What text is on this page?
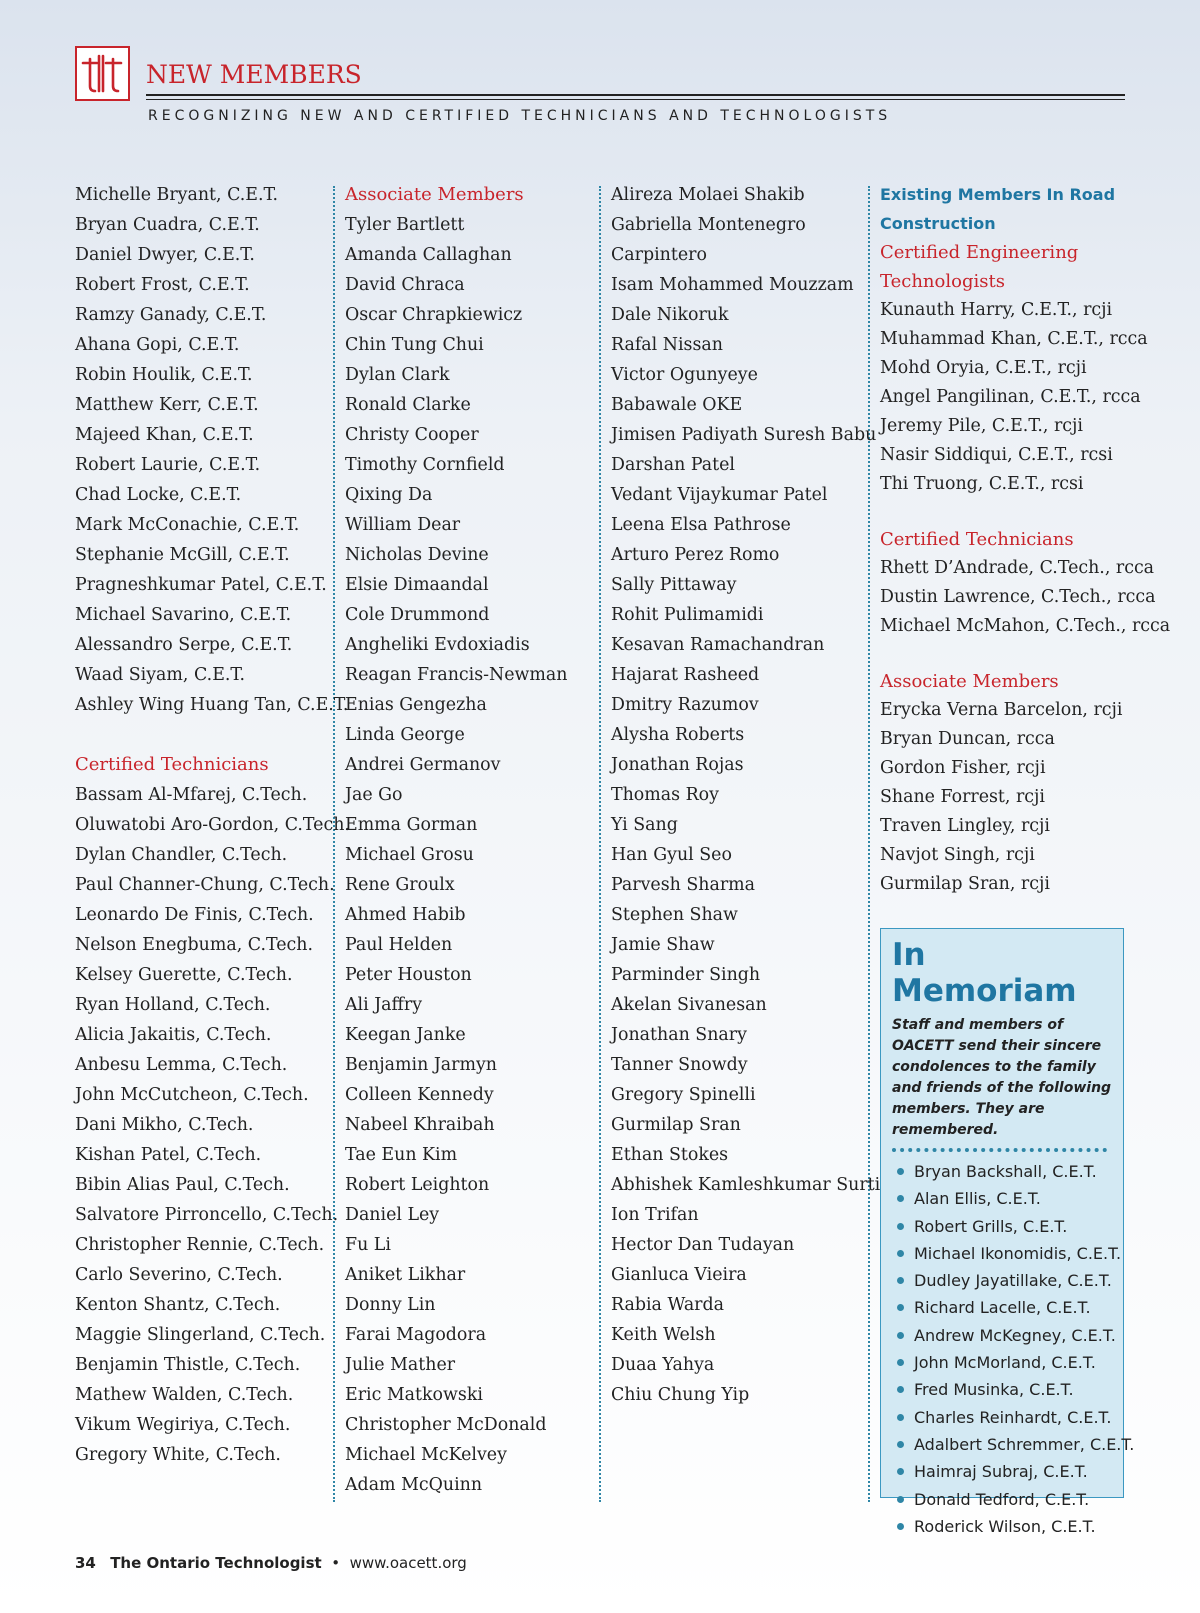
NEW MEMBERS
RECOGNIZING NEW AND CERTIFIED TECHNICIANS AND TECHNOLOGISTS
Michelle Bryant, C.E.T.
Bryan Cuadra, C.E.T.
Daniel Dwyer, C.E.T.
Robert Frost, C.E.T.
Ramzy Ganady, C.E.T.
Ahana Gopi, C.E.T.
Robin Houlik, C.E.T.
Matthew Kerr, C.E.T.
Majeed Khan, C.E.T.
Robert Laurie, C.E.T.
Chad Locke, C.E.T.
Mark McConachie, C.E.T.
Stephanie McGill, C.E.T.
Pragneshkumar Patel, C.E.T.
Michael Savarino, C.E.T.
Alessandro Serpe, C.E.T.
Waad Siyam, C.E.T.
Ashley Wing Huang Tan, C.E.T.
Certified Technicians
Bassam Al-Mfarej, C.Tech.
Oluwatobi Aro-Gordon, C.Tech.
Dylan Chandler, C.Tech.
Paul Channer-Chung, C.Tech.
Leonardo De Finis, C.Tech.
Nelson Enegbuma, C.Tech.
Kelsey Guerette, C.Tech.
Ryan Holland, C.Tech.
Alicia Jakaitis, C.Tech.
Anbesu Lemma, C.Tech.
John McCutcheon, C.Tech.
Dani Mikho, C.Tech.
Kishan Patel, C.Tech.
Bibin Alias Paul, C.Tech.
Salvatore Pirroncello, C.Tech.
Christopher Rennie, C.Tech.
Carlo Severino, C.Tech.
Kenton Shantz, C.Tech.
Maggie Slingerland, C.Tech.
Benjamin Thistle, C.Tech.
Mathew Walden, C.Tech.
Vikum Wegiriya, C.Tech.
Gregory White, C.Tech.
Associate Members
Tyler Bartlett
Amanda Callaghan
David Chraca
Oscar Chrapkiewicz
Chin Tung Chui
Dylan Clark
Ronald Clarke
Christy Cooper
Timothy Cornfield
Qixing Da
William Dear
Nicholas Devine
Elsie Dimaandal
Cole Drummond
Angheliki Evdoxiadis
Reagan Francis-Newman
Enias Gengezha
Linda George
Andrei Germanov
Jae Go
Emma Gorman
Michael Grosu
Rene Groulx
Ahmed Habib
Paul Helden
Peter Houston
Ali Jaffry
Keegan Janke
Benjamin Jarmyn
Colleen Kennedy
Nabeel Khraibah
Tae Eun Kim
Robert Leighton
Daniel Ley
Fu Li
Aniket Likhar
Donny Lin
Farai Magodora
Julie Mather
Eric Matkowski
Christopher McDonald
Michael McKelvey
Adam McQuinn
Alireza Molaei Shakib
Gabriella Montenegro
Carpintero
Isam Mohammed Mouzzam
Dale Nikoruk
Rafal Nissan
Victor Ogunyeye
Babawale OKE
Jimisen Padiyath Suresh Babu
Darshan Patel
Vedant Vijaykumar Patel
Leena Elsa Pathrose
Arturo Perez Romo
Sally Pittaway
Rohit Pulimamidi
Kesavan Ramachandran
Hajarat Rasheed
Dmitry Razumov
Alysha Roberts
Jonathan Rojas
Thomas Roy
Yi Sang
Han Gyul Seo
Parvesh Sharma
Stephen Shaw
Jamie Shaw
Parminder Singh
Akelan Sivanesan
Jonathan Snary
Tanner Snowdy
Gregory Spinelli
Gurmilap Sran
Ethan Stokes
Abhishek Kamleshkumar Surti
Ion Trifan
Hector Dan Tudayan
Gianluca Vieira
Rabia Warda
Keith Welsh
Duaa Yahya
Chiu Chung Yip
Existing Members In Road
Construction
Certified Engineering
Technologists
Kunauth Harry, C.E.T., rcji
Muhammad Khan, C.E.T., rcca
Mohd Oryia, C.E.T., rcji
Angel Pangilinan, C.E.T., rcca
Jeremy Pile, C.E.T., rcji
Nasir Siddiqui, C.E.T., rcsi
Thi Truong, C.E.T., rcsi
Certified Technicians
Rhett D’Andrade, C.Tech., rcca
Dustin Lawrence, C.Tech., rcca
Michael McMahon, C.Tech., rcca
Associate Members
Erycka Verna Barcelon, rcji
Bryan Duncan, rcca
Gordon Fisher, rcji
Shane Forrest, rcji
Traven Lingley, rcji
Navjot Singh, rcji
Gurmilap Sran, rcji
In Memoriam
Staff and members of OACETT send their sincere condolences to the family and friends of the following members. They are remembered.
Bryan Backshall, C.E.T.
Alan Ellis, C.E.T.
Robert Grills, C.E.T.
Michael Ikonomidis, C.E.T.
Dudley Jayatillake, C.E.T.
Richard Lacelle, C.E.T.
Andrew McKegney, C.E.T.
John McMorland, C.E.T.
Fred Musinka, C.E.T.
Charles Reinhardt, C.E.T.
Adalbert Schremmer, C.E.T.
Haimraj Subraj, C.E.T.
Donald Tedford, C.E.T.
Roderick Wilson, C.E.T.
34 The Ontario Technologist • www.oacett.org
